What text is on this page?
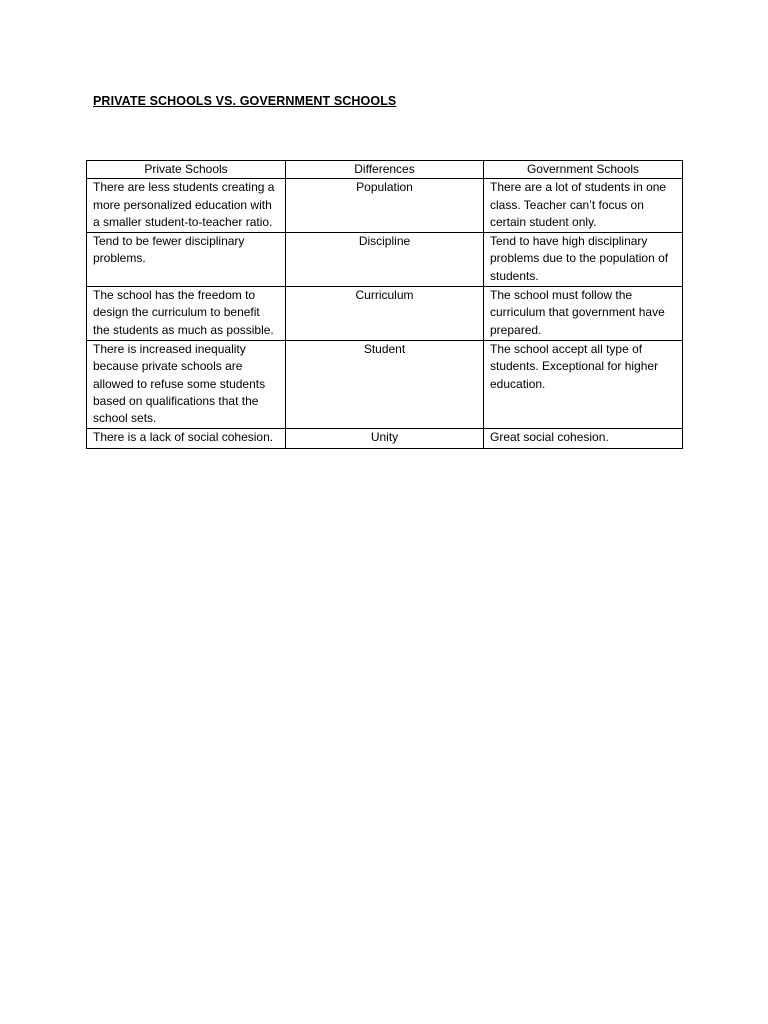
PRIVATE SCHOOLS VS. GOVERNMENT SCHOOLS
Private Schools	Differences	Government Schools
There are less students creating a more personalized education with a smaller student-to-teacher ratio.	Population	There are a lot of students in one class. Teacher can’t focus on certain student only.
Tend to be fewer disciplinary problems.	Discipline	Tend to have high disciplinary problems due to the population of students.
The school has the freedom to design the curriculum to benefit the students as much as possible.	Curriculum	The school must follow the curriculum that government have prepared.
There is increased inequality because private schools are allowed to refuse some students based on qualifications that the school sets.	Student	The school accept all type of students. Exceptional for higher education.
There is a lack of social cohesion.	Unity	Great social cohesion.
